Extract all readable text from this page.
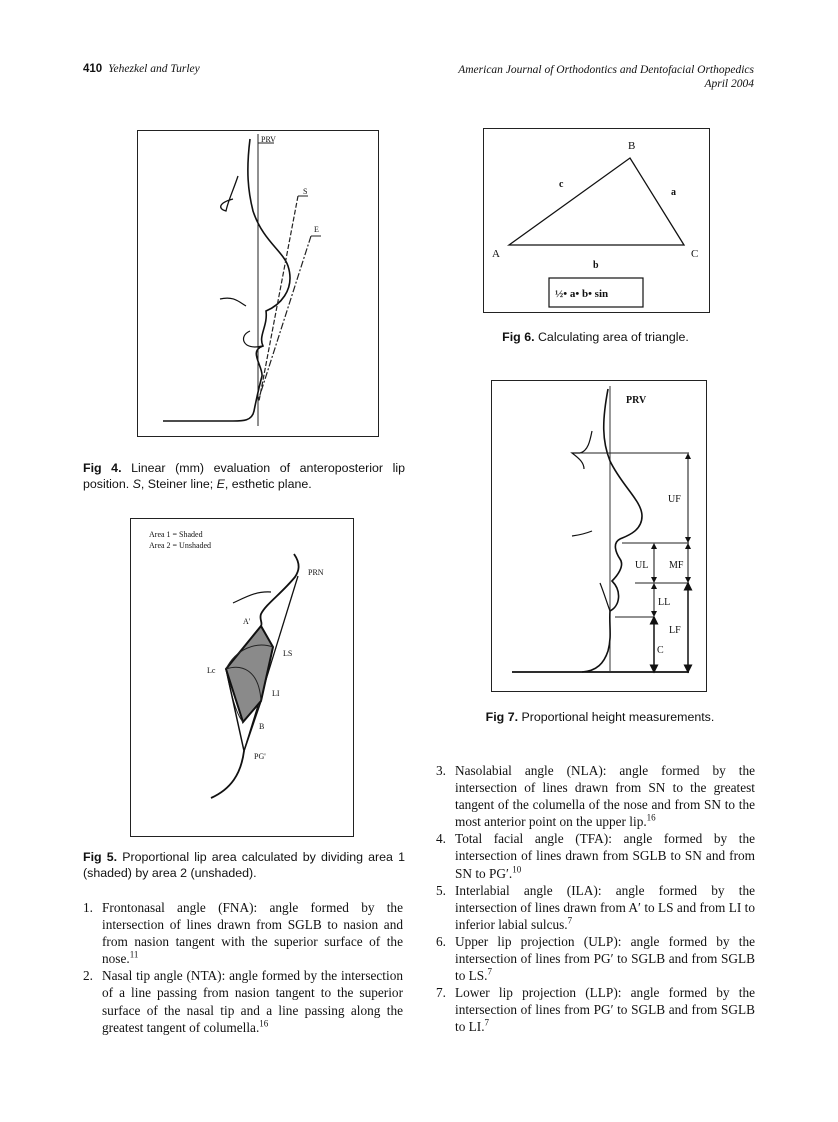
410 Yehezkel and Turley	American Journal of Orthodontics and Dentofacial Orthopedics
April 2004
PRV
S
E
Fig 4. Linear (mm) evaluation of anteroposterior lip position. S, Steiner line; E, esthetic plane.
Area 1 = Shaded
Area 2 = Unshaded
PRN
A'
LS
Lc
LI
B
PG'
Fig 5. Proportional lip area calculated by dividing area 1 (shaded) by area 2 (unshaded).
B
A	C
c
a
b
½• a• b• sin
Fig 6. Calculating area of triangle.
PRV
UF
UL MF
LL
LF
C
Fig 7. Proportional height measurements.
1. Frontonasal angle (FNA): angle formed by the intersection of lines drawn from SGLB to nasion and from nasion tangent with the superior surface of the nose.$^{11}$
2. Nasal tip angle (NTA): angle formed by the intersection of a line passing from nasion tangent to the superior surface of the nasal tip and a line passing along the greatest tangent of columella.$^{16}$
3. Nasolabial angle (NLA): angle formed by the intersection of lines drawn from SN to the greatest tangent of the columella of the nose and from SN to the most anterior point on the upper lip.$^{16}$
4. Total facial angle (TFA): angle formed by the intersection of lines drawn from SGLB to SN and from SN to PG′.$^{10}$
5. Interlabial angle (ILA): angle formed by the intersection of lines drawn from A′ to LS and from LI to inferior labial sulcus.$^7$
6. Upper lip projection (ULP): angle formed by the intersection of lines from PG′ to SGLB and from SGLB to LS.$^7$
7. Lower lip projection (LLP): angle formed by the intersection of lines from PG′ to SGLB and from SGLB to LI.$^7$
